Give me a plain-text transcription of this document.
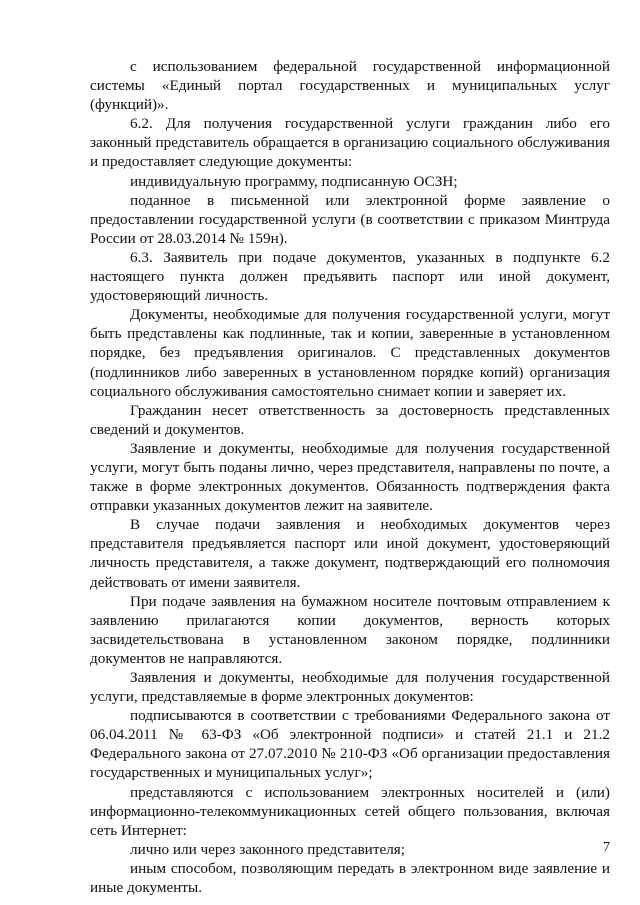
с использованием федеральной государственной информационной системы «Единый портал государственных и муниципальных услуг (функций)».

6.2. Для получения государственной услуги гражданин либо его законный представитель обращается в организацию социального обслуживания и предоставляет следующие документы:

индивидуальную программу, подписанную ОСЗН;

поданное в письменной или электронной форме заявление о предоставлении государственной услуги (в соответствии с приказом Минтруда России от 28.03.2014 № 159н).

6.3. Заявитель при подаче документов, указанных в подпункте 6.2 настоящего пункта должен предъявить паспорт или иной документ, удостоверяющий личность.

Документы, необходимые для получения государственной услуги, могут быть представлены как подлинные, так и копии, заверенные в установленном порядке, без предъявления оригиналов. С представленных документов (подлинников либо заверенных в установленном порядке копий) организация социального обслуживания самостоятельно снимает копии и заверяет их.

Гражданин несет ответственность за достоверность представленных сведений и документов.

Заявление и документы, необходимые для получения государственной услуги, могут быть поданы лично, через представителя, направлены по почте, а также в форме электронных документов. Обязанность подтверждения факта отправки указанных документов лежит на заявителе.

В случае подачи заявления и необходимых документов через представителя предъявляется паспорт или иной документ, удостоверяющий личность представителя, а также документ, подтверждающий его полномочия действовать от имени заявителя.

При подаче заявления на бумажном носителе почтовым отправлением к заявлению прилагаются копии документов, верность которых засвидетельствована в установленном законом порядке, подлинники документов не направляются.

Заявления и документы, необходимые для получения государственной услуги, представляемые в форме электронных документов:

подписываются в соответствии с требованиями Федерального закона от 06.04.2011 № 63-ФЗ «Об электронной подписи» и статей 21.1 и 21.2 Федерального закона от 27.07.2010 № 210-ФЗ «Об организации предоставления государственных и муниципальных услуг»;

представляются с использованием электронных носителей и (или) информационно-телекоммуникационных сетей общего пользования, включая сеть Интернет:

лично или через законного представителя;

иным способом, позволяющим передать в электронном виде заявление и иные документы.

7
